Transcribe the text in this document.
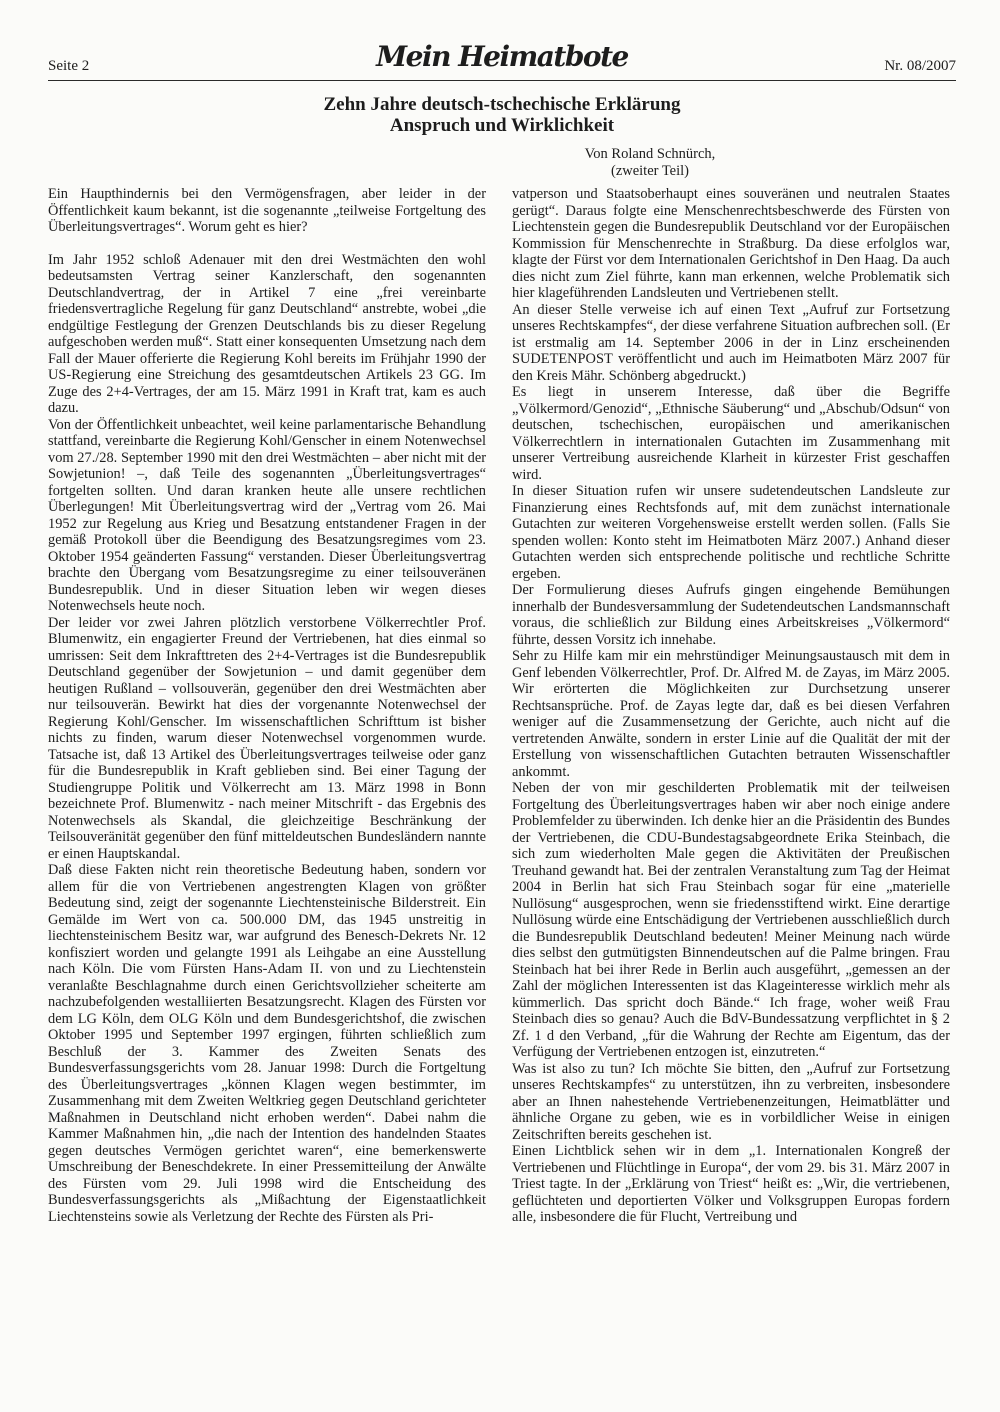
Seite 2	Mein Heimatbote	Nr. 08/2007

Zehn Jahre deutsch-tschechische Erklärung

Anspruch und Wirklichkeit

Von Roland Schnürch,
(zweiter Teil)

Ein Haupthindernis bei den Vermögensfragen, aber leider in der Öffentlichkeit kaum bekannt, ist die sogenannte „teilweise Fortgeltung des Überleitungsvertrages“. Worum geht es hier?

Im Jahr 1952 schloß Adenauer mit den drei Westmächten den wohl bedeutsamsten Vertrag seiner Kanzlerschaft, den sogenannten Deutschlandvertrag, der in Artikel 7 eine „frei vereinbarte friedensvertragliche Regelung für ganz Deutschland“ anstrebte, wobei „die endgültige Festlegung der Grenzen Deutschlands bis zu dieser Regelung aufgeschoben werden muß“. Statt einer konsequenten Umsetzung nach dem Fall der Mauer offerierte die Regierung Kohl bereits im Frühjahr 1990 der US-Regierung eine Streichung des gesamtdeutschen Artikels 23 GG. Im Zuge des 2+4-Vertrages, der am 15. März 1991 in Kraft trat, kam es auch dazu.

Von der Öffentlichkeit unbeachtet, weil keine parlamentarische Behandlung stattfand, vereinbarte die Regierung Kohl/Genscher in einem Notenwechsel vom 27./28. September 1990 mit den drei Westmächten – aber nicht mit der Sowjetunion! –, daß Teile des sogenannten „Überleitungsvertrages“ fortgelten sollten. Und daran kranken heute alle unsere rechtlichen Überlegungen! Mit Überleitungsvertrag wird der „Vertrag vom 26. Mai 1952 zur Regelung aus Krieg und Besatzung entstandener Fragen in der gemäß Protokoll über die Beendigung des Besatzungsregimes vom 23. Oktober 1954 geänderten Fassung“ verstanden. Dieser Überleitungsvertrag brachte den Übergang vom Besatzungsregime zu einer teilsouveränen Bundesrepublik. Und in dieser Situation leben wir wegen dieses Notenwechsels heute noch.

Der leider vor zwei Jahren plötzlich verstorbene Völkerrechtler Prof. Blumenwitz, ein engagierter Freund der Vertriebenen, hat dies einmal so umrissen: Seit dem Inkrafttreten des 2+4-Vertrages ist die Bundesrepublik Deutschland gegenüber der Sowjetunion – und damit gegenüber dem heutigen Rußland – vollsouverän, gegenüber den drei Westmächten aber nur teilsouverän. Bewirkt hat dies der vorgenannte Notenwechsel der Regierung Kohl/Genscher. Im wissenschaftlichen Schrifttum ist bisher nichts zu finden, warum dieser Notenwechsel vorgenommen wurde. Tatsache ist, daß 13 Artikel des Überleitungsvertrages teilweise oder ganz für die Bundesrepublik in Kraft geblieben sind. Bei einer Tagung der Studiengruppe Politik und Völkerrecht am 13. März 1998 in Bonn bezeichnete Prof. Blumenwitz - nach meiner Mitschrift - das Ergebnis des Notenwechsels als Skandal, die gleichzeitige Beschränkung der Teilsouveränität gegenüber den fünf mitteldeutschen Bundesländern nannte er einen Hauptskandal.

Daß diese Fakten nicht rein theoretische Bedeutung haben, sondern vor allem für die von Vertriebenen angestrengten Klagen von größter Bedeutung sind, zeigt der sogenannte Liechtensteinische Bilderstreit. Ein Gemälde im Wert von ca. 500.000 DM, das 1945 unstreitig in liechtensteinischem Besitz war, war aufgrund des Benesch-Dekrets Nr. 12 konfisziert worden und gelangte 1991 als Leihgabe an eine Ausstellung nach Köln. Die vom Fürsten Hans-Adam II. von und zu Liechtenstein veranlaßte Beschlagnahme durch einen Gerichtsvollzieher scheiterte am nachzubefolgenden westalliierten Besatzungsrecht. Klagen des Fürsten vor dem LG Köln, dem OLG Köln und dem Bundesgerichtshof, die zwischen Oktober 1995 und September 1997 ergingen, führten schließlich zum Beschluß der 3. Kammer des Zweiten Senats des Bundesverfassungsgerichts vom 28. Januar 1998: Durch die Fortgeltung des Überleitungsvertrages „können Klagen wegen bestimmter, im Zusammenhang mit dem Zweiten Weltkrieg gegen Deutschland gerichteter Maßnahmen in Deutschland nicht erhoben werden“. Dabei nahm die Kammer Maßnahmen hin, „die nach der Intention des handelnden Staates gegen deutsches Vermögen gerichtet waren“, eine bemerkenswerte Umschreibung der Beneschdekrete. In einer Pressemitteilung der Anwälte des Fürsten vom 29. Juli 1998 wird die Entscheidung des Bundesverfassungsgerichts als „Mißachtung der Eigenstaatlichkeit Liechtensteins sowie als Verletzung der Rechte des Fürsten als Pri-

vatperson und Staatsoberhaupt eines souveränen und neutralen Staates gerügt“. Daraus folgte eine Menschenrechtsbeschwerde des Fürsten von Liechtenstein gegen die Bundesrepublik Deutschland vor der Europäischen Kommission für Menschenrechte in Straßburg. Da diese erfolglos war, klagte der Fürst vor dem Internationalen Gerichtshof in Den Haag. Da auch dies nicht zum Ziel führte, kann man erkennen, welche Problematik sich hier klageführenden Landsleuten und Vertriebenen stellt.

An dieser Stelle verweise ich auf einen Text „Aufruf zur Fortsetzung unseres Rechtskampfes“, der diese verfahrene Situation aufbrechen soll. (Er ist erstmalig am 14. September 2006 in der in Linz erscheinenden SUDETENPOST veröffentlicht und auch im Heimatboten März 2007 für den Kreis Mähr. Schönberg abgedruckt.)

Es liegt in unserem Interesse, daß über die Begriffe „Völkermord/Genozid“, „Ethnische Säuberung“ und „Abschub/Odsun“ von deutschen, tschechischen, europäischen und amerikanischen Völkerrechtlern in internationalen Gutachten im Zusammenhang mit unserer Vertreibung ausreichende Klarheit in kürzester Frist geschaffen wird.

In dieser Situation rufen wir unsere sudetendeutschen Landsleute zur Finanzierung eines Rechtsfonds auf, mit dem zunächst internationale Gutachten zur weiteren Vorgehensweise erstellt werden sollen. (Falls Sie spenden wollen: Konto steht im Heimatboten März 2007.) Anhand dieser Gutachten werden sich entsprechende politische und rechtliche Schritte ergeben.

Der Formulierung dieses Aufrufs gingen eingehende Bemühungen innerhalb der Bundesversammlung der Sudetendeutschen Landsmannschaft voraus, die schließlich zur Bildung eines Arbeitskreises „Völkermord“ führte, dessen Vorsitz ich innehabe.

Sehr zu Hilfe kam mir ein mehrstündiger Meinungsaustausch mit dem in Genf lebenden Völkerrechtler, Prof. Dr. Alfred M. de Zayas, im März 2005. Wir erörterten die Möglichkeiten zur Durchsetzung unserer Rechtsansprüche. Prof. de Zayas legte dar, daß es bei diesen Verfahren weniger auf die Zusammensetzung der Gerichte, auch nicht auf die vertretenden Anwälte, sondern in erster Linie auf die Qualität der mit der Erstellung von wissenschaftlichen Gutachten betrauten Wissenschaftler ankommt.

Neben der von mir geschilderten Problematik mit der teilweisen Fortgeltung des Überleitungsvertrages haben wir aber noch einige andere Problemfelder zu überwinden. Ich denke hier an die Präsidentin des Bundes der Vertriebenen, die CDU-Bundestagsabgeordnete Erika Steinbach, die sich zum wiederholten Male gegen die Aktivitäten der Preußischen Treuhand gewandt hat. Bei der zentralen Veranstaltung zum Tag der Heimat 2004 in Berlin hat sich Frau Steinbach sogar für eine „materielle Nullösung“ ausgesprochen, wenn sie friedensstiftend wirkt. Eine derartige Nullösung würde eine Entschädigung der Vertriebenen ausschließlich durch die Bundesrepublik Deutschland bedeuten! Meiner Meinung nach würde dies selbst den gutmütigsten Binnendeutschen auf die Palme bringen. Frau Steinbach hat bei ihrer Rede in Berlin auch ausgeführt, „gemessen an der Zahl der möglichen Interessenten ist das Klageinteresse wirklich mehr als kümmerlich. Das spricht doch Bände.“ Ich frage, woher weiß Frau Steinbach dies so genau? Auch die BdV-Bundessatzung verpflichtet in § 2 Zf. 1 d den Verband, „für die Wahrung der Rechte am Eigentum, das der Verfügung der Vertriebenen entzogen ist, einzutreten.“

Was ist also zu tun? Ich möchte Sie bitten, den „Aufruf zur Fortsetzung unseres Rechtskampfes“ zu unterstützen, ihn zu verbreiten, insbesondere aber an Ihnen nahestehende Vertriebenenzeitungen, Heimatblätter und ähnliche Organe zu geben, wie es in vorbildlicher Weise in einigen Zeitschriften bereits geschehen ist.

Einen Lichtblick sehen wir in dem „1. Internationalen Kongreß der Vertriebenen und Flüchtlinge in Europa“, der vom 29. bis 31. März 2007 in Triest tagte. In der „Erklärung von Triest“ heißt es: „Wir, die vertriebenen, geflüchteten und deportierten Völker und Volksgruppen Europas fordern alle, insbesondere die für Flucht, Vertreibung und
